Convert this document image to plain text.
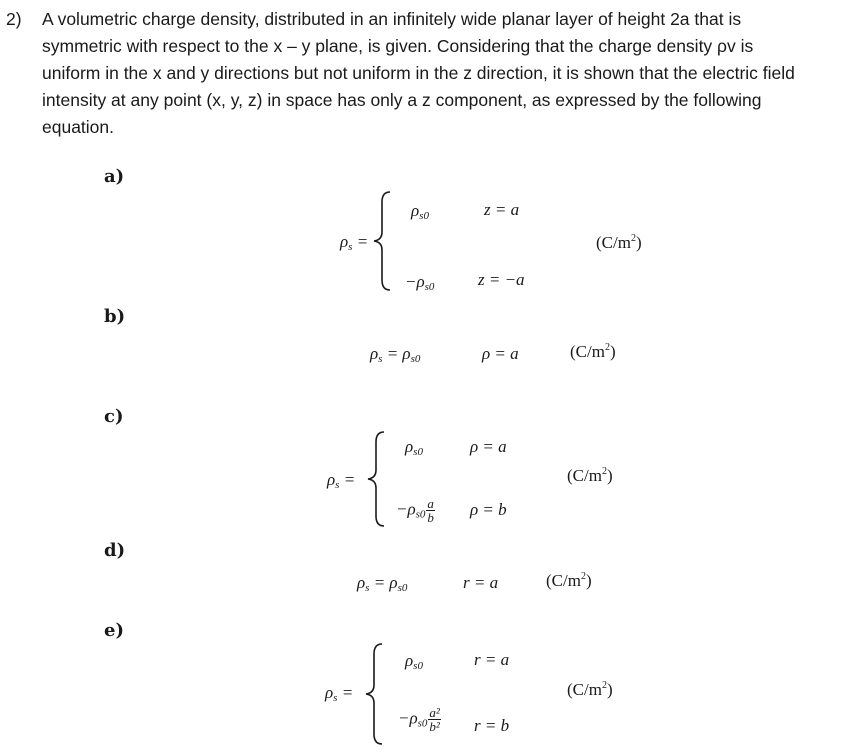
2) A volumetric charge density, distributed in an infinitely wide planar layer of height 2a that is symmetric with respect to the x – y plane, is given. Considering that the charge density ρv is uniform in the x and y directions but not uniform in the z direction, it is shown that the electric field intensity at any point (x, y, z) in space has only a z component, as expressed by the following equation.
a)
$\rho_s$ =
$\rho_{s0}$	z = a
$-\rho_{s0}$	z = −a
$(C/m^2)$
b)
$\rho_s = \rho_{s0}$	ρ = a	$(C/m^2)$
c)
$\rho_s$ =
$\rho_{s0}$	ρ = a
$-\rho_{s0} \frac{a}{b}$ ρ = b
$(C/m^2)$
d)
$\rho_s = \rho_{s0}$	r = a	$(C/m^2)$
e)
$\rho_s$ =
$\rho_{s0}$	r = a
$-\rho_{s0} \frac{\text{a²}}{\text{b²}}$ r = b
$(C/m^2)$
